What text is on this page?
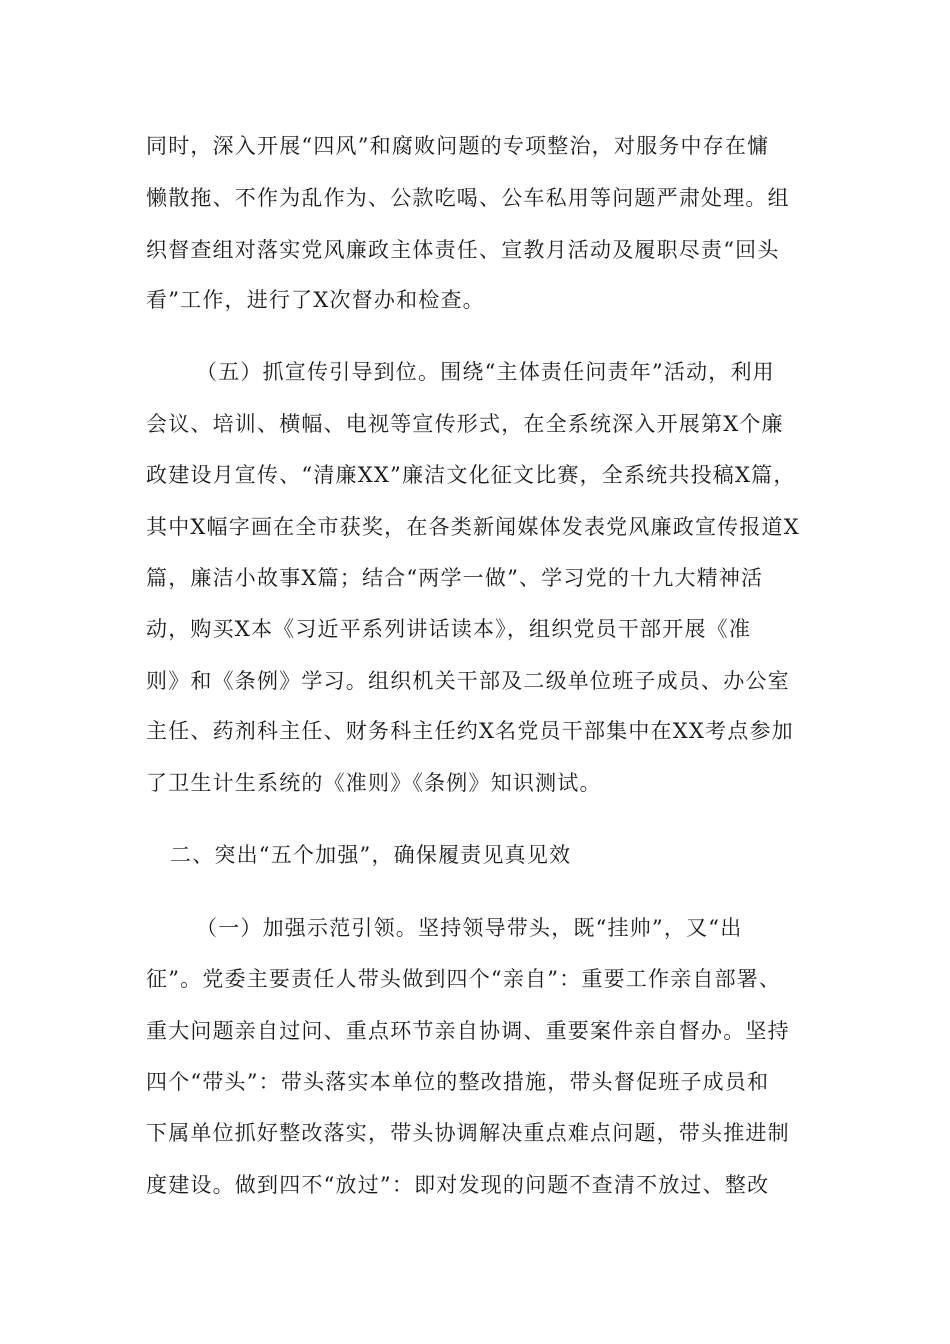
同时，深入开展“四风”和腐败问题的专项整治，对服务中存在慵
懒散拖、不作为乱作为、公款吃喝、公车私用等问题严肃处理。组
织督查组对落实党风廉政主体责任、宣教月活动及履职尽责“回头
看”工作，进行了X次督办和检查。
（五）抓宣传引导到位。围绕“主体责任问责年”活动，利用
会议、培训、横幅、电视等宣传形式，在全系统深入开展第X个廉
政建设月宣传、“清廉XX”廉洁文化征文比赛，全系统共投稿X篇，
其中X幅字画在全市获奖，在各类新闻媒体发表党风廉政宣传报道X
篇，廉洁小故事X篇；结合“两学一做”、学习党的十九大精神活
动，购买X本《习近平系列讲话读本》，组织党员干部开展《准
则》和《条例》学习。组织机关干部及二级单位班子成员、办公室
主任、药剂科主任、财务科主任约X名党员干部集中在XX考点参加
了卫生计生系统的《准则》《条例》知识测试。
二、突出“五个加强”，确保履责见真见效
（一）加强示范引领。坚持领导带头，既“挂帅”，又“出
征”。党委主要责任人带头做到四个“亲自”：重要工作亲自部署、
重大问题亲自过问、重点环节亲自协调、重要案件亲自督办。坚持
四个“带头”：带头落实本单位的整改措施，带头督促班子成员和
下属单位抓好整改落实，带头协调解决重点难点问题，带头推进制
度建设。做到四不“放过”：即对发现的问题不查清不放过、整改
